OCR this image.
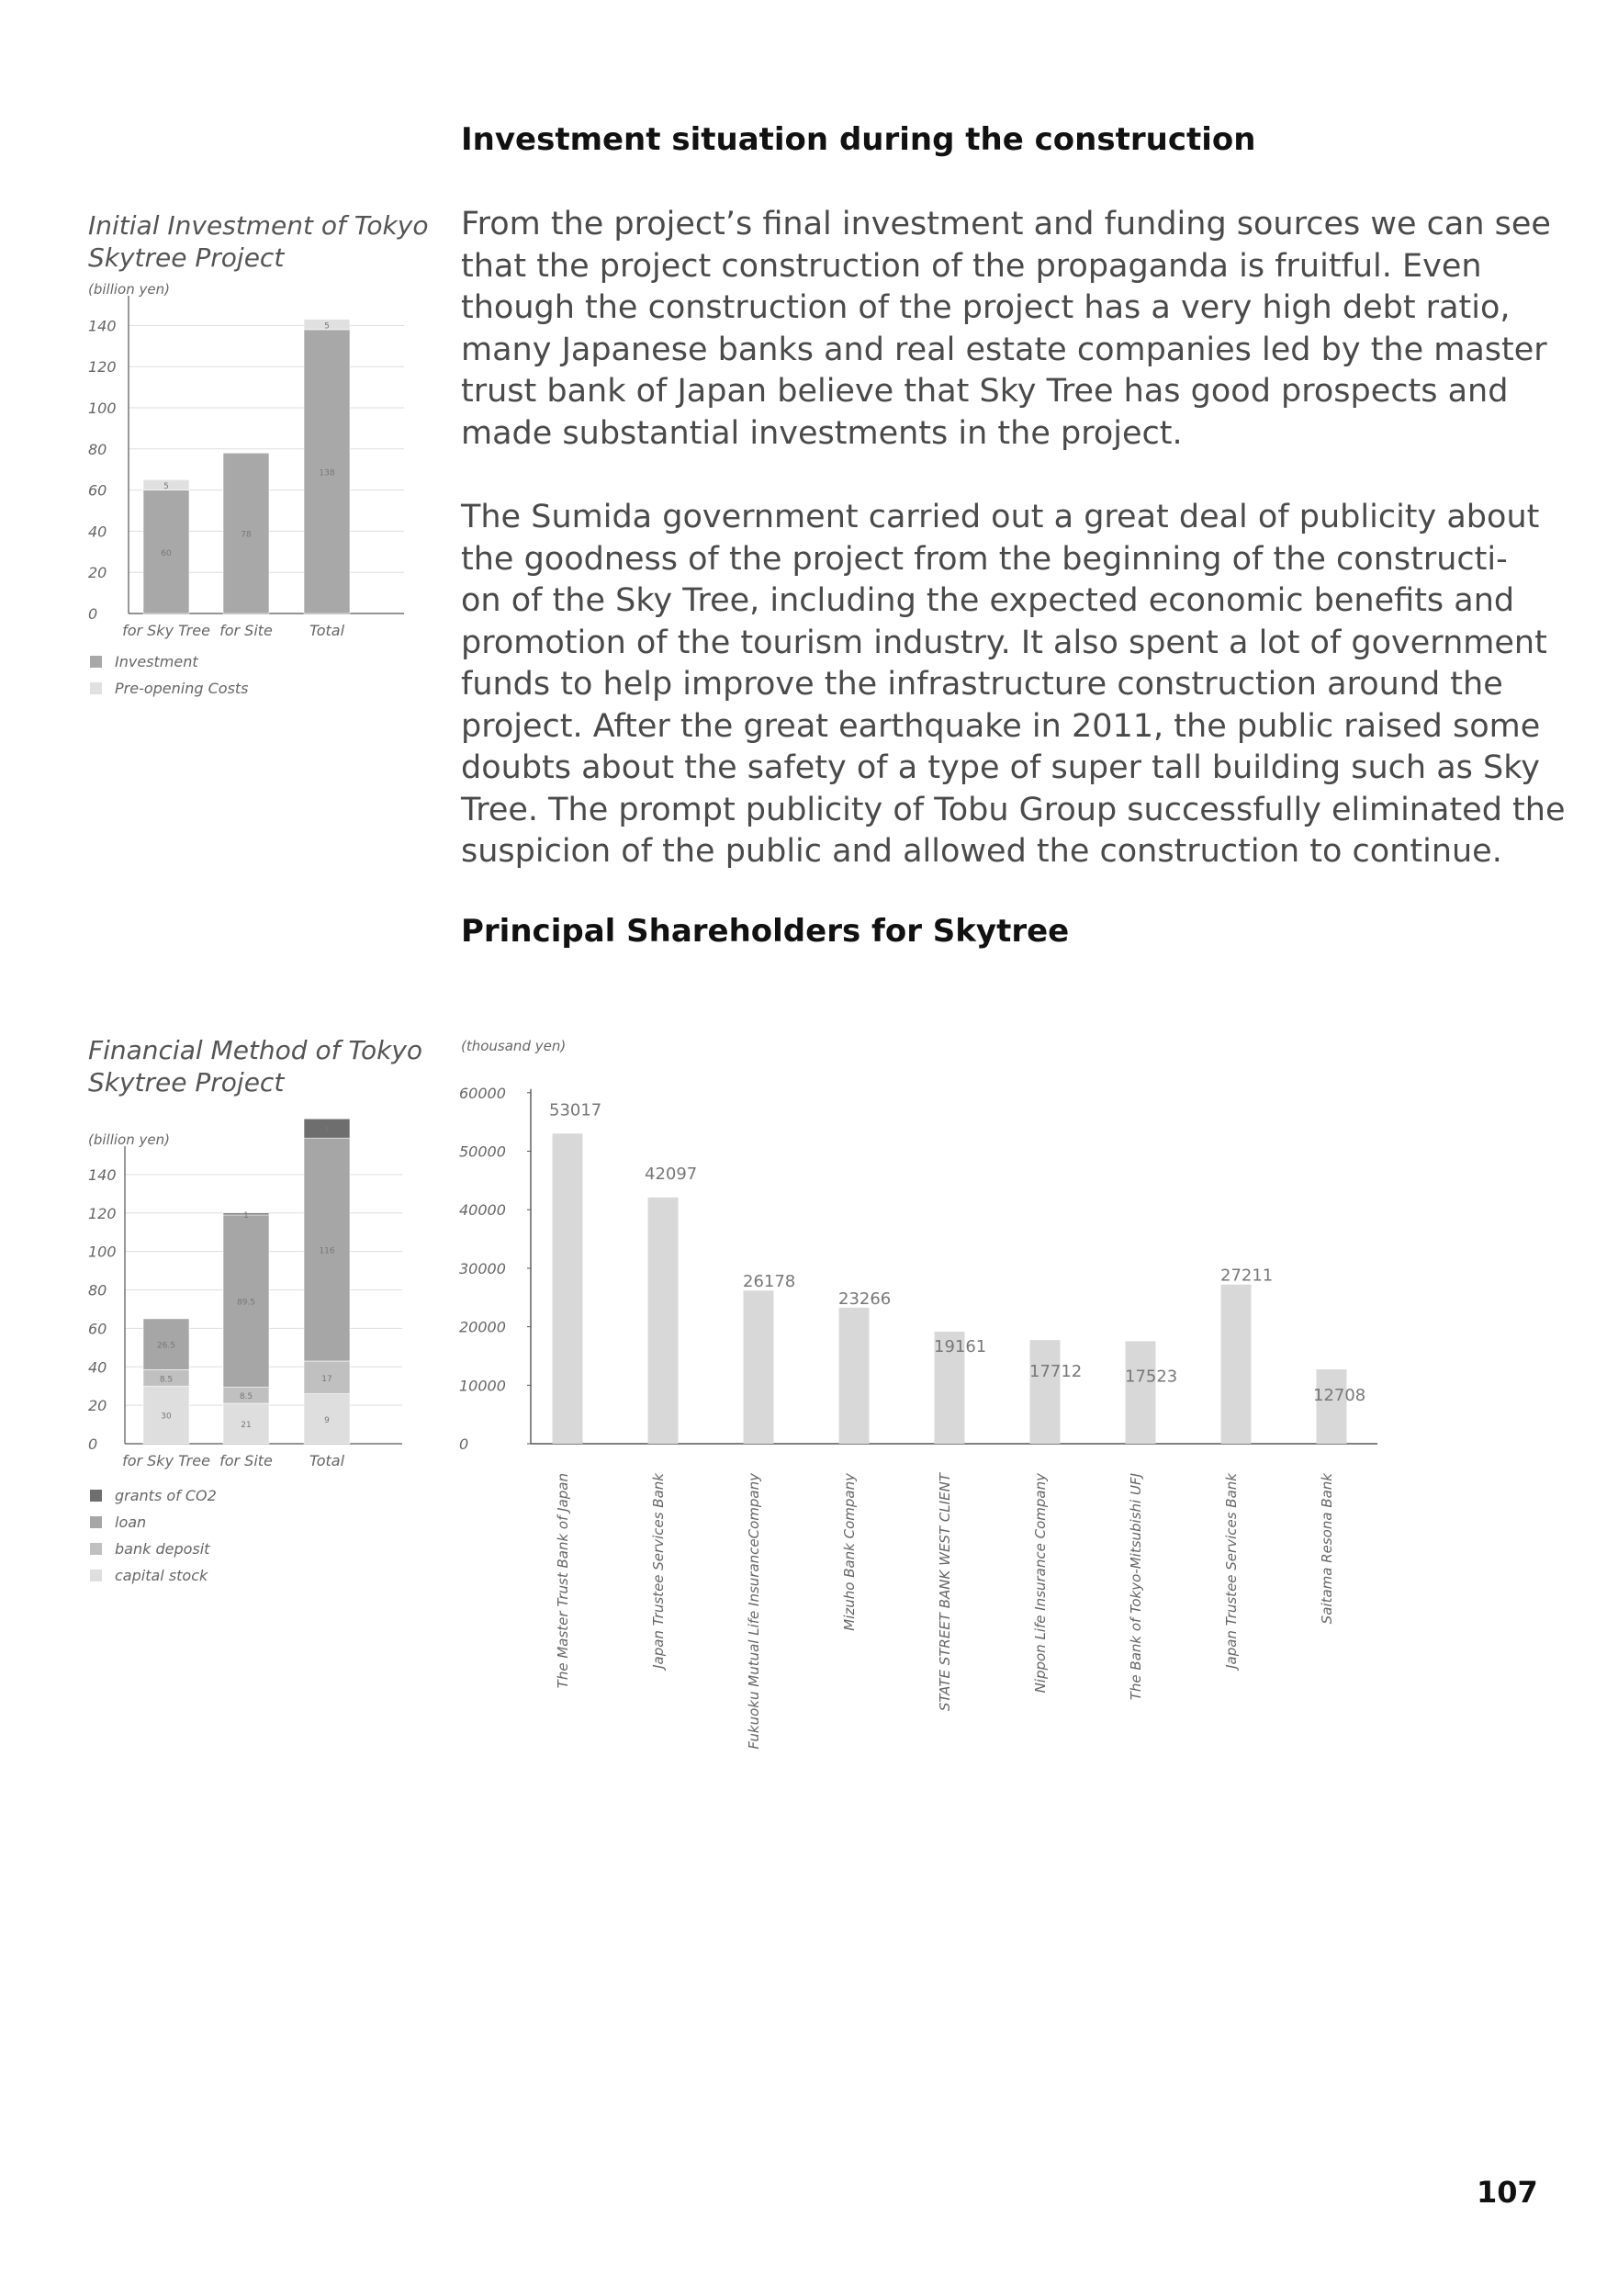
Investment situation during the construction
From the project’s final investment and funding sources we can see
that the project construction of the propaganda is fruitful. Even
though the construction of the project has a very high debt ratio,
many Japanese banks and real estate companies led by the master
trust bank of Japan believe that Sky Tree has good prospects and
made substantial investments in the project.
The Sumida government carried out a great deal of publicity about
the goodness of the project from the beginning of the constructi-
on of the Sky Tree, including the expected economic benefits and
promotion of the tourism industry. It also spent a lot of government
funds to help improve the infrastructure construction around the
project. After the great earthquake in 2011, the public raised some
doubts about the safety of a type of super tall building such as Sky
Tree. The prompt publicity of Tobu Group successfully eliminated the
suspicion of the public and allowed the construction to continue.
Principal Shareholders for Skytree
Initial Investment of Tokyo
Skytree Project
Financial Method of Tokyo
Skytree Project
(billion yen)
0
20
40
60
80
100
120
140
60
5
for Sky Tree
78
for Site
138
5
Total
Investment
Pre-opening Costs
(billion yen)
0
20
40
60
80
100
120
140
30
8.5
26.5
for Sky Tree
21
8.5
89.5
1
for Site
9
17
116
1
Total
grants of CO2
loan
bank deposit
capital stock
(thousand yen)
0
10000
20000
30000
40000
50000
60000
53017
The Master Trust Bank of Japan
42097
Japan Trustee Services Bank
26178
Fukuoku Mutual Life InsuranceCompany
23266
Mizuho Bank Company
19161
STATE STREET BANK WEST CLIENT
17712
Nippon Life Insurance Company
17523
The Bank of Tokyo-Mitsubishi UFJ
27211
Japan Trustee Services Bank
12708
Saitama Resona Bank
107
